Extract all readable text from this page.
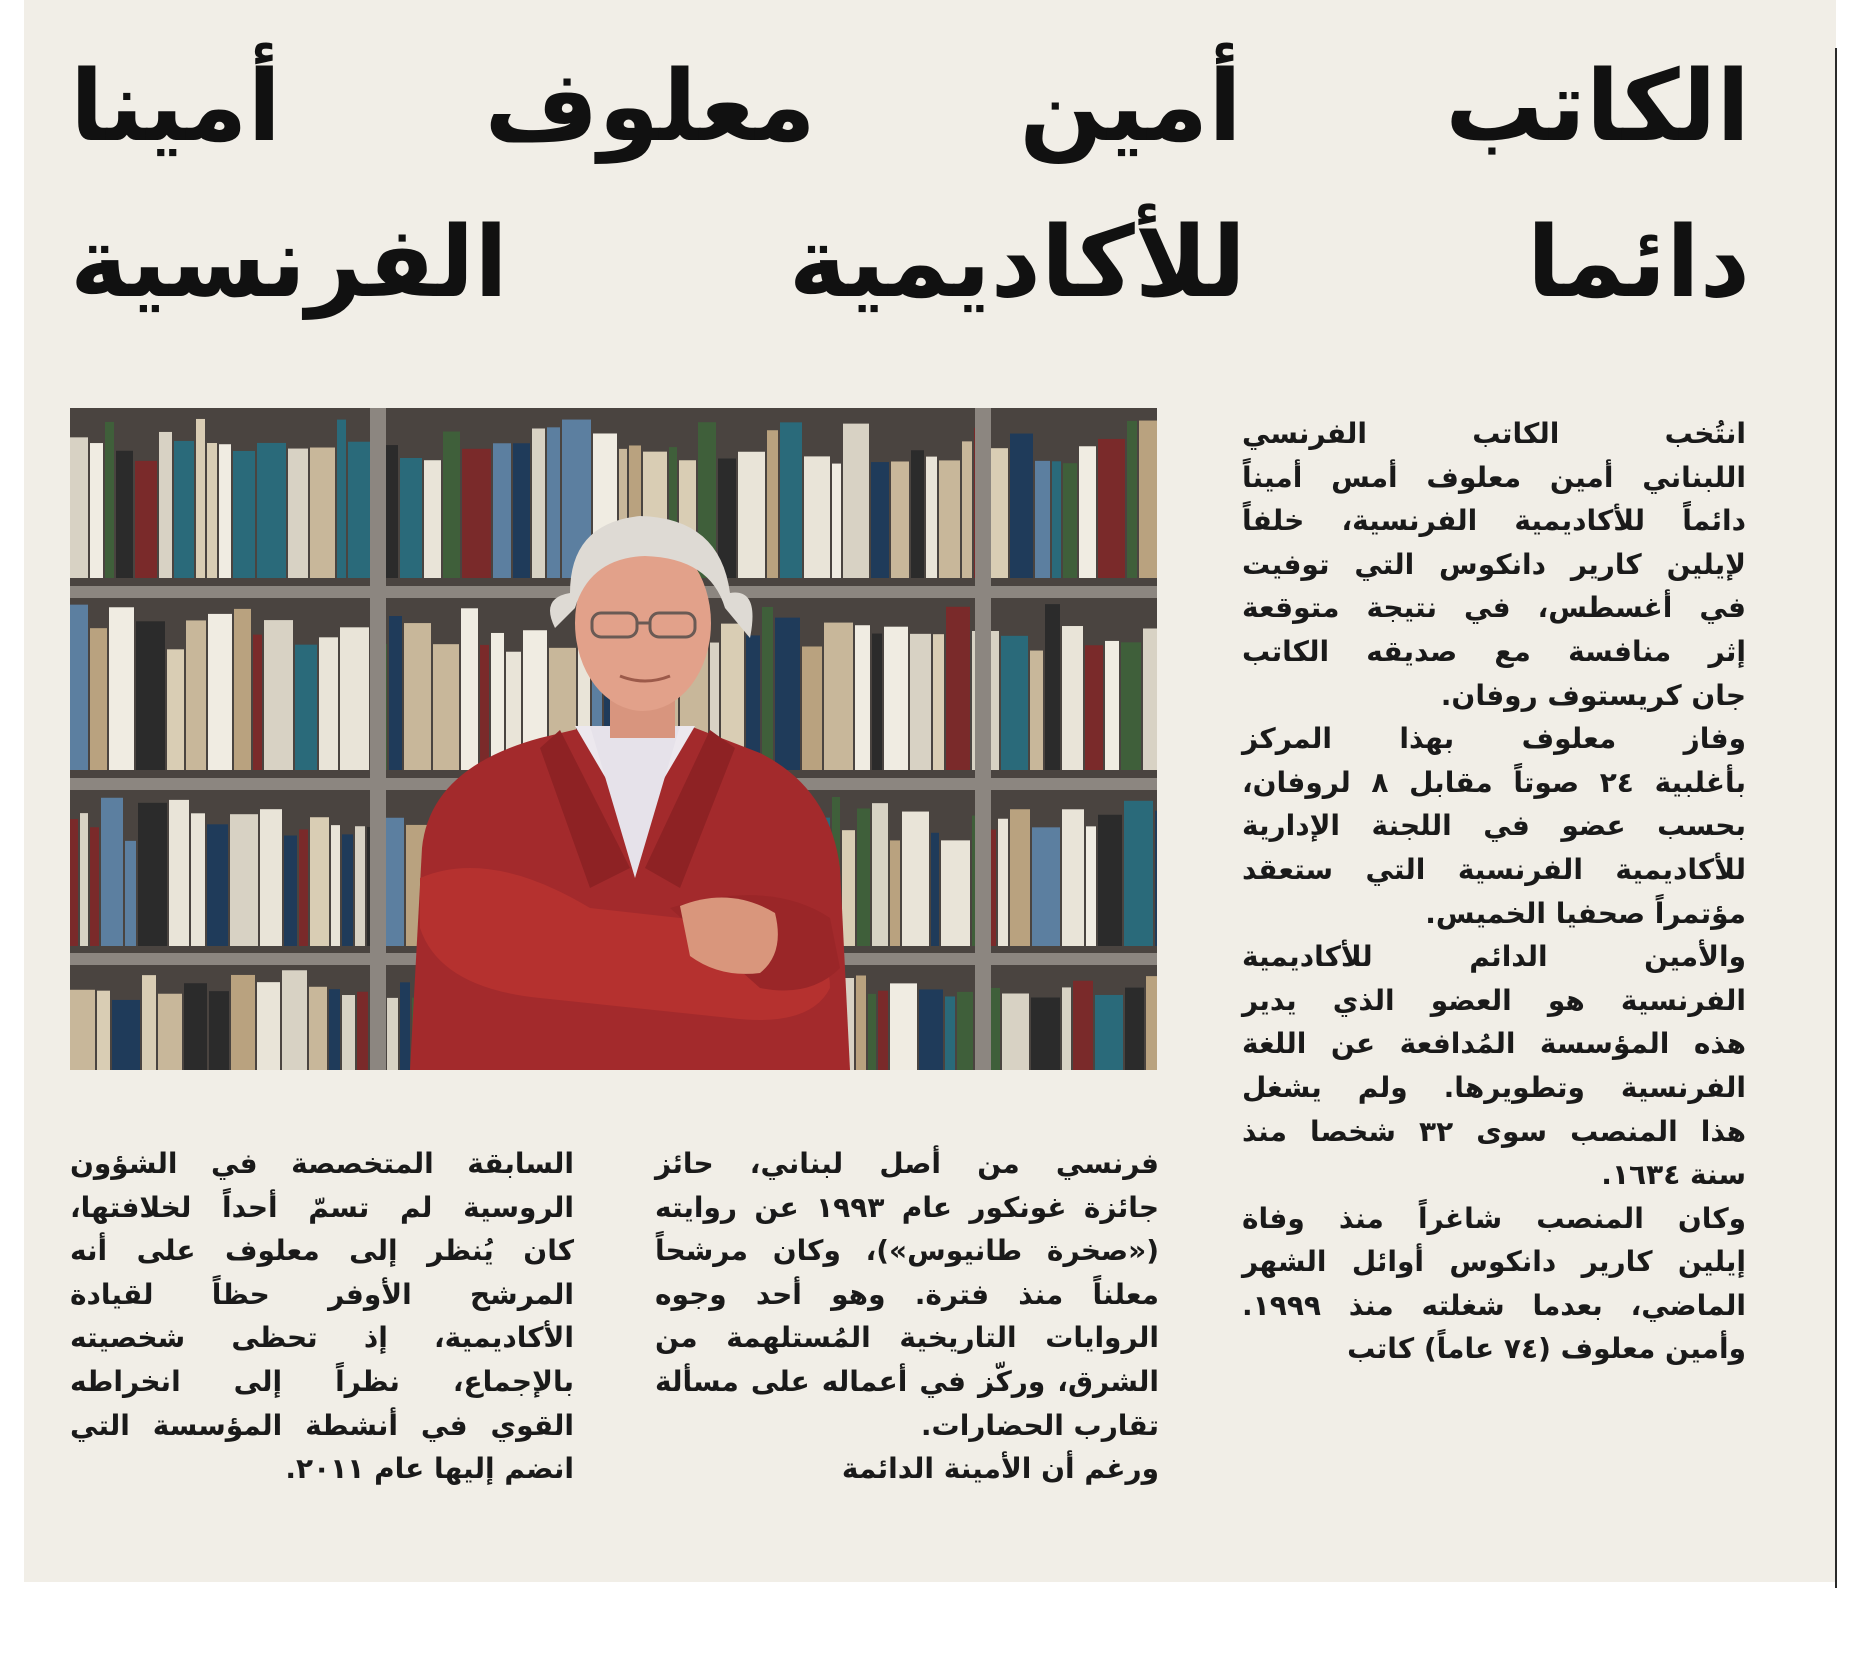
الكاتب أمين معلوف أمينا
دائما للأكاديمية الفرنسية

انتُخب الكاتب الفرنسي

اللبناني أمين معلوف أمس أميناً

دائماً للأكاديمية الفرنسية، خلفاً

لإيلين كارير دانكوس التي توفيت

في أغسطس، في نتيجة متوقعة

إثر منافسة مع صديقه الكاتب

جان كريستوف روفان.

وفاز معلوف بهذا المركز

بأغلبية ٢٤ صوتاً مقابل ٨ لروفان،

بحسب عضو في اللجنة الإدارية

للأكاديمية الفرنسية التي ستعقد

مؤتمراً صحفيا الخميس.

والأمين الدائم للأكاديمية

الفرنسية هو العضو الذي يدير

هذه المؤسسة المُدافعة عن اللغة

الفرنسية وتطويرها. ولم يشغل

هذا المنصب سوى ٣٢ شخصا منذ

سنة ١٦٣٤.

وكان المنصب شاغراً منذ وفاة

إيلين كارير دانكوس أوائل الشهر

الماضي، بعدما شغلته منذ ١٩٩٩.

وأمين معلوف (٧٤ عاماً) كاتب

فرنسي من أصل لبناني، حائز

جائزة غونكور عام ١٩٩٣ عن روايته

(«صخرة طانيوس»)، وكان مرشحاً

معلناً منذ فترة. وهو أحد وجوه

الروايات التاريخية المُستلهمة من

الشرق، وركّز في أعماله على مسألة

تقارب الحضارات.

ورغم أن الأمينة الدائمة

السابقة المتخصصة في الشؤون

الروسية لم تسمّ أحداً لخلافتها،

كان يُنظر إلى معلوف على أنه

المرشح الأوفر حظاً لقيادة

الأكاديمية، إذ تحظى شخصيته

بالإجماع، نظراً إلى انخراطه

القوي في أنشطة المؤسسة التي

انضم إليها عام ٢٠١١.
